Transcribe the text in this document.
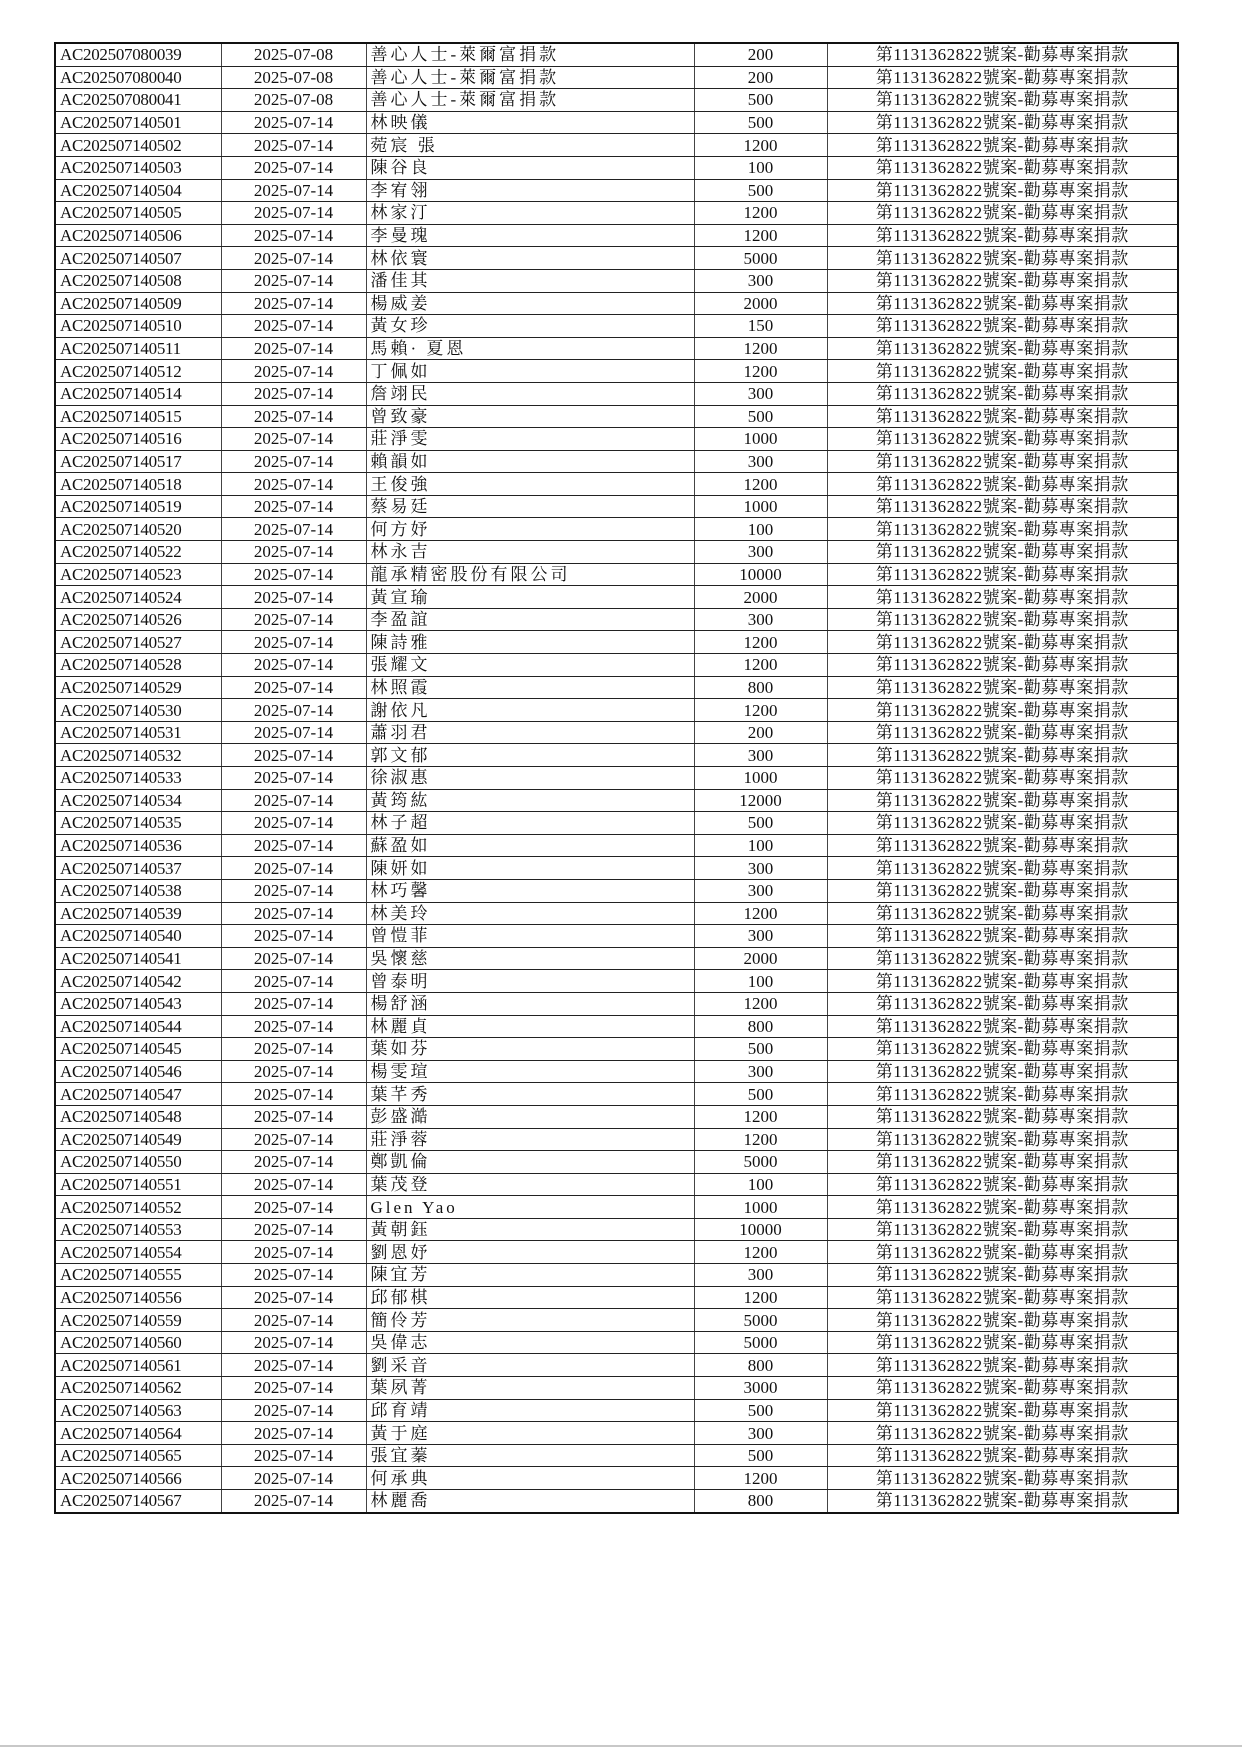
AC202507080039	2025-07-08	善心人士-萊爾富捐款	200	第1131362822號案-勸募專案捐款
AC202507080040	2025-07-08	善心人士-萊爾富捐款	200	第1131362822號案-勸募專案捐款
AC202507080041	2025-07-08	善心人士-萊爾富捐款	500	第1131362822號案-勸募專案捐款
AC202507140501	2025-07-14	林映儀	500	第1131362822號案-勸募專案捐款
AC202507140502	2025-07-14	菀宸 張	1200	第1131362822號案-勸募專案捐款
AC202507140503	2025-07-14	陳谷良	100	第1131362822號案-勸募專案捐款
AC202507140504	2025-07-14	李宥翎	500	第1131362822號案-勸募專案捐款
AC202507140505	2025-07-14	林家汀	1200	第1131362822號案-勸募專案捐款
AC202507140506	2025-07-14	李曼瑰	1200	第1131362822號案-勸募專案捐款
AC202507140507	2025-07-14	林依寰	5000	第1131362822號案-勸募專案捐款
AC202507140508	2025-07-14	潘佳其	300	第1131362822號案-勸募專案捐款
AC202507140509	2025-07-14	楊威姜	2000	第1131362822號案-勸募專案捐款
AC202507140510	2025-07-14	黃女珍	150	第1131362822號案-勸募專案捐款
AC202507140511	2025-07-14	馬賴· 夏恩	1200	第1131362822號案-勸募專案捐款
AC202507140512	2025-07-14	丁佩如	1200	第1131362822號案-勸募專案捐款
AC202507140514	2025-07-14	詹翊民	300	第1131362822號案-勸募專案捐款
AC202507140515	2025-07-14	曾致豪	500	第1131362822號案-勸募專案捐款
AC202507140516	2025-07-14	莊淨雯	1000	第1131362822號案-勸募專案捐款
AC202507140517	2025-07-14	賴韻如	300	第1131362822號案-勸募專案捐款
AC202507140518	2025-07-14	王俊強	1200	第1131362822號案-勸募專案捐款
AC202507140519	2025-07-14	蔡易廷	1000	第1131362822號案-勸募專案捐款
AC202507140520	2025-07-14	何方妤	100	第1131362822號案-勸募專案捐款
AC202507140522	2025-07-14	林永吉	300	第1131362822號案-勸募專案捐款
AC202507140523	2025-07-14	龍承精密股份有限公司	10000	第1131362822號案-勸募專案捐款
AC202507140524	2025-07-14	黃宣瑜	2000	第1131362822號案-勸募專案捐款
AC202507140526	2025-07-14	李盈誼	300	第1131362822號案-勸募專案捐款
AC202507140527	2025-07-14	陳詩雅	1200	第1131362822號案-勸募專案捐款
AC202507140528	2025-07-14	張耀文	1200	第1131362822號案-勸募專案捐款
AC202507140529	2025-07-14	林照霞	800	第1131362822號案-勸募專案捐款
AC202507140530	2025-07-14	謝依凡	1200	第1131362822號案-勸募專案捐款
AC202507140531	2025-07-14	蕭羽君	200	第1131362822號案-勸募專案捐款
AC202507140532	2025-07-14	郭文郁	300	第1131362822號案-勸募專案捐款
AC202507140533	2025-07-14	徐淑惠	1000	第1131362822號案-勸募專案捐款
AC202507140534	2025-07-14	黃筠紘	12000	第1131362822號案-勸募專案捐款
AC202507140535	2025-07-14	林子超	500	第1131362822號案-勸募專案捐款
AC202507140536	2025-07-14	蘇盈如	100	第1131362822號案-勸募專案捐款
AC202507140537	2025-07-14	陳妍如	300	第1131362822號案-勸募專案捐款
AC202507140538	2025-07-14	林巧馨	300	第1131362822號案-勸募專案捐款
AC202507140539	2025-07-14	林美玲	1200	第1131362822號案-勸募專案捐款
AC202507140540	2025-07-14	曾愷菲	300	第1131362822號案-勸募專案捐款
AC202507140541	2025-07-14	吳懷慈	2000	第1131362822號案-勸募專案捐款
AC202507140542	2025-07-14	曾泰明	100	第1131362822號案-勸募專案捐款
AC202507140543	2025-07-14	楊舒涵	1200	第1131362822號案-勸募專案捐款
AC202507140544	2025-07-14	林麗貞	800	第1131362822號案-勸募專案捐款
AC202507140545	2025-07-14	葉如芬	500	第1131362822號案-勸募專案捐款
AC202507140546	2025-07-14	楊雯瑄	300	第1131362822號案-勸募專案捐款
AC202507140547	2025-07-14	葉芊秀	500	第1131362822號案-勸募專案捐款
AC202507140548	2025-07-14	彭盛澔	1200	第1131362822號案-勸募專案捐款
AC202507140549	2025-07-14	莊淨蓉	1200	第1131362822號案-勸募專案捐款
AC202507140550	2025-07-14	鄭凱倫	5000	第1131362822號案-勸募專案捐款
AC202507140551	2025-07-14	葉茂登	100	第1131362822號案-勸募專案捐款
AC202507140552	2025-07-14	Glen Yao	1000	第1131362822號案-勸募專案捐款
AC202507140553	2025-07-14	黃朝鈺	10000	第1131362822號案-勸募專案捐款
AC202507140554	2025-07-14	劉恩妤	1200	第1131362822號案-勸募專案捐款
AC202507140555	2025-07-14	陳宜芳	300	第1131362822號案-勸募專案捐款
AC202507140556	2025-07-14	邱郁棋	1200	第1131362822號案-勸募專案捐款
AC202507140559	2025-07-14	簡伶芳	5000	第1131362822號案-勸募專案捐款
AC202507140560	2025-07-14	吳偉志	5000	第1131362822號案-勸募專案捐款
AC202507140561	2025-07-14	劉采音	800	第1131362822號案-勸募專案捐款
AC202507140562	2025-07-14	葉夙菁	3000	第1131362822號案-勸募專案捐款
AC202507140563	2025-07-14	邱育靖	500	第1131362822號案-勸募專案捐款
AC202507140564	2025-07-14	黃于庭	300	第1131362822號案-勸募專案捐款
AC202507140565	2025-07-14	張宜蓁	500	第1131362822號案-勸募專案捐款
AC202507140566	2025-07-14	何承典	1200	第1131362822號案-勸募專案捐款
AC202507140567	2025-07-14	林麗喬	800	第1131362822號案-勸募專案捐款
